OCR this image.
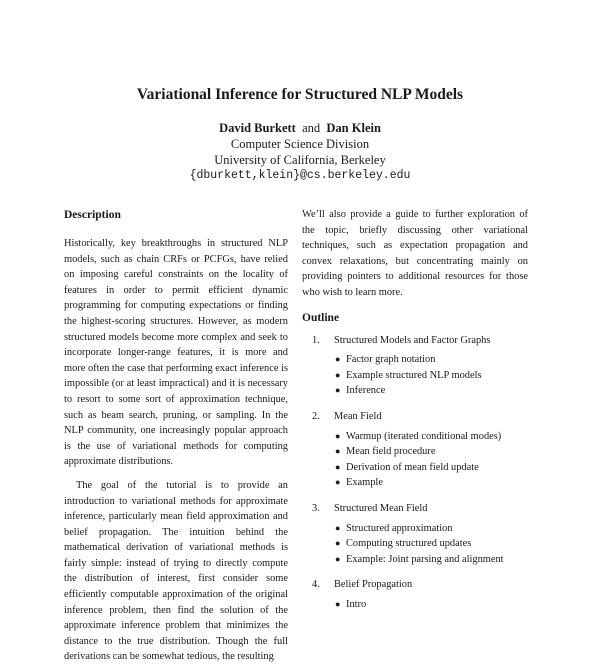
Variational Inference for Structured NLP Models
David Burkett and Dan Klein
Computer Science Division
University of California, Berkeley
{dburkett,klein}@cs.berkeley.edu
Description

Historically, key breakthroughs in structured NLP models, such as chain CRFs or PCFGs, have relied on imposing careful constraints on the locality of features in order to permit efficient dynamic programming for computing expectations or finding the highest-scoring structures. However, as modern structured models become more complex and seek to incorporate longer-range features, it is more and more often the case that performing exact inference is impossible (or at least impractical) and it is necessary to resort to some sort of approximation technique, such as beam search, pruning, or sampling. In the NLP community, one increasingly popular approach is the use of variational methods for computing approximate distributions.

The goal of the tutorial is to provide an introduction to variational methods for approximate inference, particularly mean field approximation and belief propagation. The intuition behind the mathematical derivation of variational methods is fairly simple: instead of trying to directly compute the distribution of interest, first consider some efficiently computable approximation of the original inference problem, then find the solution of the approximate inference problem that minimizes the distance to the true distribution. Though the full derivations can be somewhat tedious, the resulting

We’ll also provide a guide to further exploration of the topic, briefly discussing other variational techniques, such as expectation propagation and convex relaxations, but concentrating mainly on providing pointers to additional resources for those who wish to learn more.

Outline
1. Structured Models and Factor Graphs
● Factor graph notation
● Example structured NLP models
● Inference
2. Mean Field
● Warmup (iterated conditional modes)
● Mean field procedure
● Derivation of mean field update
● Example
3. Structured Mean Field
● Structured approximation
● Computing structured updates
● Example: Joint parsing and alignment
4. Belief Propagation
● Intro
